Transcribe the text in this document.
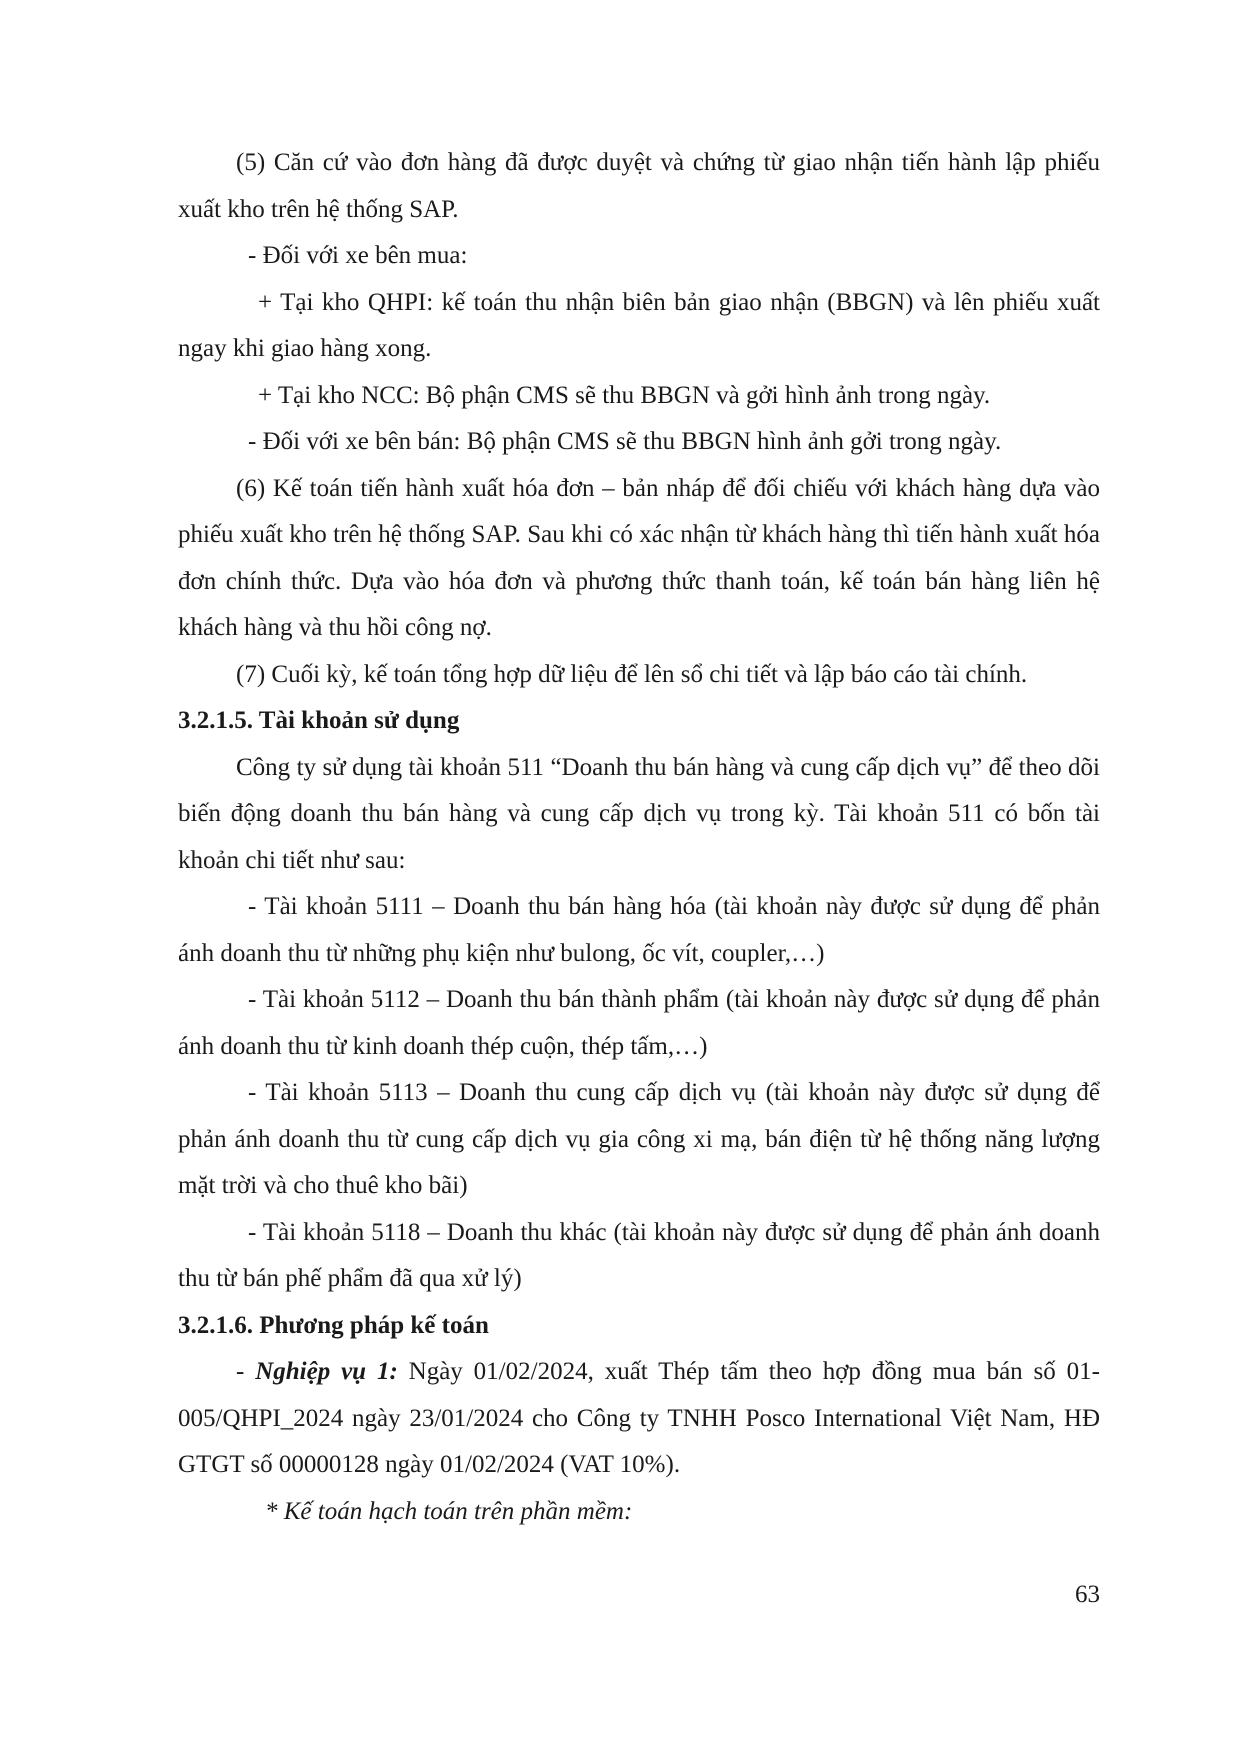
(5) Căn cứ vào đơn hàng đã được duyệt và chứng từ giao nhận tiến hành lập phiếu xuất kho trên hệ thống SAP.

- Đối với xe bên mua:

+ Tại kho QHPI: kế toán thu nhận biên bản giao nhận (BBGN) và lên phiếu xuất ngay khi giao hàng xong.

+ Tại kho NCC: Bộ phận CMS sẽ thu BBGN và gởi hình ảnh trong ngày.

- Đối với xe bên bán: Bộ phận CMS sẽ thu BBGN hình ảnh gởi trong ngày.

(6) Kế toán tiến hành xuất hóa đơn – bản nháp để đối chiếu với khách hàng dựa vào phiếu xuất kho trên hệ thống SAP. Sau khi có xác nhận từ khách hàng thì tiến hành xuất hóa đơn chính thức. Dựa vào hóa đơn và phương thức thanh toán, kế toán bán hàng liên hệ khách hàng và thu hồi công nợ.

(7) Cuối kỳ, kế toán tổng hợp dữ liệu để lên sổ chi tiết và lập báo cáo tài chính.

3.2.1.5. Tài khoản sử dụng

Công ty sử dụng tài khoản 511 “Doanh thu bán hàng và cung cấp dịch vụ” để theo dõi biến động doanh thu bán hàng và cung cấp dịch vụ trong kỳ. Tài khoản 511 có bốn tài khoản chi tiết như sau:

- Tài khoản 5111 – Doanh thu bán hàng hóa (tài khoản này được sử dụng để phản ánh doanh thu từ những phụ kiện như bulong, ốc vít, coupler,…)

- Tài khoản 5112 – Doanh thu bán thành phẩm (tài khoản này được sử dụng để phản ánh doanh thu từ kinh doanh thép cuộn, thép tấm,…)

- Tài khoản 5113 – Doanh thu cung cấp dịch vụ (tài khoản này được sử dụng để phản ánh doanh thu từ cung cấp dịch vụ gia công xi mạ, bán điện từ hệ thống năng lượng mặt trời và cho thuê kho bãi)

- Tài khoản 5118 – Doanh thu khác (tài khoản này được sử dụng để phản ánh doanh thu từ bán phế phẩm đã qua xử lý)

3.2.1.6. Phương pháp kế toán

- Nghiệp vụ 1: Ngày 01/02/2024, xuất Thép tấm theo hợp đồng mua bán số 01-005/QHPI_2024 ngày 23/01/2024 cho Công ty TNHH Posco International Việt Nam, HĐ GTGT số 00000128 ngày 01/02/2024 (VAT 10%).

* Kế toán hạch toán trên phần mềm:

63
